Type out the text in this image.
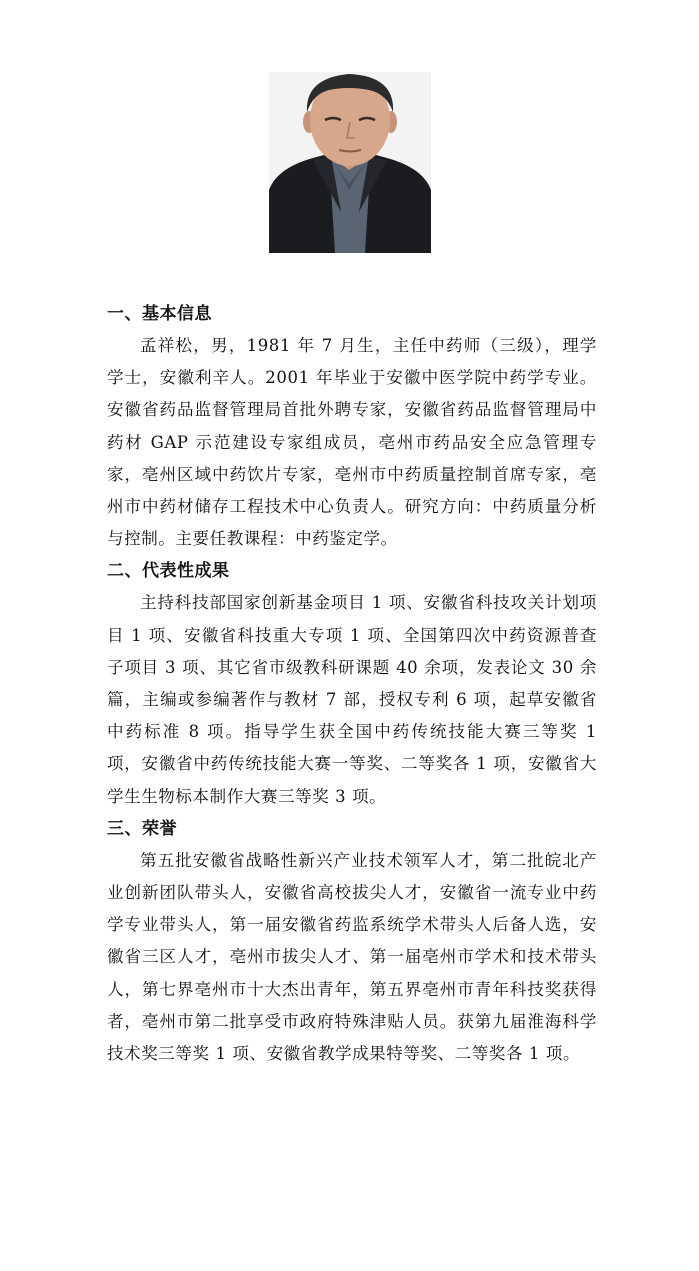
一、基本信息

孟祥松，男，1981 年 7 月生，主任中药师（三级），理学学士，安徽利辛人。2001 年毕业于安徽中医学院中药学专业。安徽省药品监督管理局首批外聘专家，安徽省药品监督管理局中药材 GAP 示范建设专家组成员，亳州市药品安全应急管理专家，亳州区域中药饮片专家，亳州市中药质量控制首席专家，亳州市中药材储存工程技术中心负责人。研究方向：中药质量分析与控制。主要任教课程：中药鉴定学。

二、代表性成果

主持科技部国家创新基金项目 1 项、安徽省科技攻关计划项目 1 项、安徽省科技重大专项 1 项、全国第四次中药资源普查子项目 3 项、其它省市级教科研课题 40 余项，发表论文 30 余篇，主编或参编著作与教材 7 部，授权专利 6 项，起草安徽省中药标准 8 项。指导学生获全国中药传统技能大赛三等奖 1 项，安徽省中药传统技能大赛一等奖、二等奖各 1 项，安徽省大学生生物标本制作大赛三等奖 3 项。

三、荣誉

第五批安徽省战略性新兴产业技术领军人才，第二批皖北产业创新团队带头人，安徽省高校拔尖人才，安徽省一流专业中药学专业带头人，第一届安徽省药监系统学术带头人后备人选，安徽省三区人才，亳州市拔尖人才、第一届亳州市学术和技术带头人，第七界亳州市十大杰出青年，第五界亳州市青年科技奖获得者，亳州市第二批享受市政府特殊津贴人员。获第九届淮海科学技术奖三等奖 1 项、安徽省教学成果特等奖、二等奖各 1 项。
